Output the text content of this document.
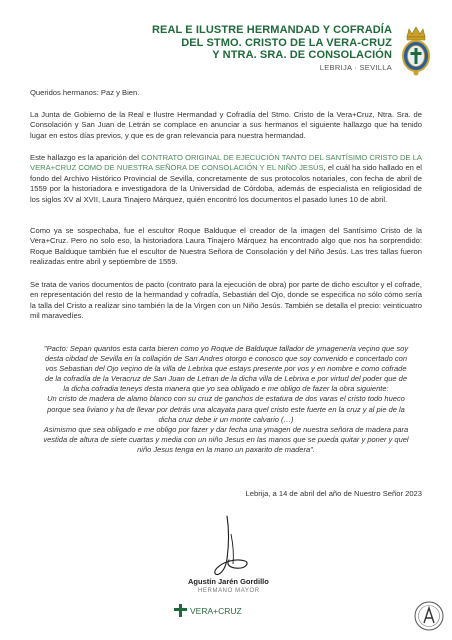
REAL E ILUSTRE HERMANDAD Y COFRADÍA
DEL STMO. CRISTO DE LA VERA-CRUZ
Y NTRA. SRA. DE CONSOLACIÓN
LEBRIJA · SEVILLA
Queridos hermanos: Paz y Bien.
La Junta de Gobierno de la Real e Ilustre Hermandad y Cofradía del Stmo. Cristo de la Vera+Cruz, Ntra. Sra. de Consolación y San Juan de Letrán se complace en anunciar a sus hermanos el siguiente hallazgo que ha tenido lugar en estos días previos, y que es de gran relevancia para nuestra hermandad.
Este hallazgo es la aparición del CONTRATO ORIGINAL DE EJECUCIÓN TANTO DEL SANTÍSIMO CRISTO DE LA VERA+CRUZ COMO DE NUESTRA SEÑORA DE CONSOLACIÓN Y EL NIÑO JESÚS, el cuál ha sido hallado en el fondo del Archivo Histórico Provincial de Sevilla, concretamente de sus protocolos notariales, con fecha de abril de 1559 por la historiadora e investigadora de la Universidad de Córdoba, además de especialista en religiosidad de los siglos XV al XVII, Laura Tinajero Márquez, quién encontró los documentos el pasado lunes 10 de abril.
Como ya se sospechaba, fue el escultor Roque Balduque el creador de la imagen del Santísimo Cristo de la Vera+Cruz. Pero no solo eso, la historiadora Laura Tinajero Márquez ha encontrado algo que nos ha sorprendido: Roque Balduque también fue el escultor de Nuestra Señora de Consolación y del Niño Jesús. Las tres tallas fueron realizadas entre abril y septiembre de 1559.
Se trata de varios documentos de pacto (contrato para la ejecución de obra) por parte de dicho escultor y el cofrade, en representación del resto de la hermandad y cofradía, Sebastián del Ojo, donde se especifica no sólo cómo sería la talla del Cristo a realizar sino también la de la Virgen con un Niño Jesús. También se detalla el precio: veinticuatro mil maravedíes.

"Pacto: Sepan quantos esta carta bieren como yo Roque de Balduque tallador de ymagenería veçino que soy desta cibdad de Sevilla en la collaçión de San Andres otorgo e conosco que soy convenido e concertado con vos Sebastian del Ojo veçino de la villa de Lebrixa que estays presente por vos y en nombre e como cofrade de la cofradía de la Veracruz de San Juan de Letran de la dicha villa de Lebrixa e por virtud del poder que de la dicha cofradia teneys desta manera que yo sea obligado e me obligo de fazer la obra siguiente:

Un cristo de madera de alamo blanco con su cruz de ganchos de estatura de dos varas el cristo todo hueco porque sea liviano y ha de llevar por detrás una alcayata para quel cristo este fuerte en la cruz y al pie de la dicha cruz debe ir un monte calvario (…)

Asimismo que sea obligado e me obligo por fazer y dar fecha una ymagen de nuestra señora de madera para vestida de altura de siete cuartas y media con un niño Jesus en las manos que se pueda quitar y poner y quel niño Jesus tenga en la mano un paxarito de madera".

Lebrija, a 14 de abril del año de Nuestro Señor 2023
Agustín Jarén Gordillo
HERMANO MAYOR
VERA+CRUZ
